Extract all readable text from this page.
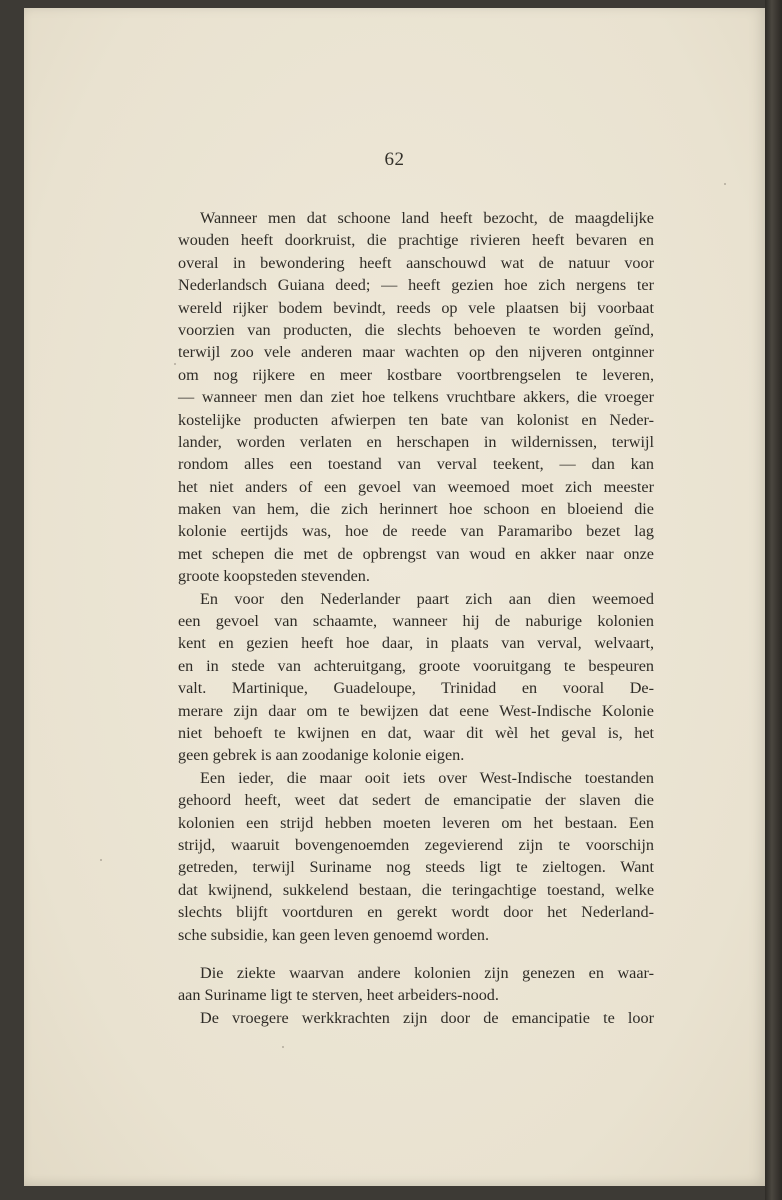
62
Wanneer men dat schoone land heeft bezocht, de maagdelijke
wouden heeft doorkruist, die prachtige rivieren heeft bevaren en
overal in bewondering heeft aanschouwd wat de natuur voor
Nederlandsch Guiana deed; — heeft gezien hoe zich nergens ter
wereld rijker bodem bevindt, reeds op vele plaatsen bij voorbaat
voorzien van producten, die slechts behoeven te worden geïnd,
terwijl zoo vele anderen maar wachten op den nijveren ontginner
om nog rijkere en meer kostbare voortbrengselen te leveren,
— wanneer men dan ziet hoe telkens vruchtbare akkers, die vroeger
kostelijke producten afwierpen ten bate van kolonist en Neder-
lander, worden verlaten en herschapen in wildernissen, terwijl
rondom alles een toestand van verval teekent, — dan kan
het niet anders of een gevoel van weemoed moet zich meester
maken van hem, die zich herinnert hoe schoon en bloeiend die
kolonie eertijds was, hoe de reede van Paramaribo bezet lag
met schepen die met de opbrengst van woud en akker naar onze
groote koopsteden stevenden.
En voor den Nederlander paart zich aan dien weemoed
een gevoel van schaamte, wanneer hij de naburige kolonien
kent en gezien heeft hoe daar, in plaats van verval, welvaart,
en in stede van achteruitgang, groote vooruitgang te bespeuren
valt. Martinique, Guadeloupe, Trinidad en vooral De-
merare zijn daar om te bewijzen dat eene West-Indische Kolonie
niet behoeft te kwijnen en dat, waar dit wèl het geval is, het
geen gebrek is aan zoodanige kolonie eigen.
Een ieder, die maar ooit iets over West-Indische toestanden
gehoord heeft, weet dat sedert de emancipatie der slaven die
kolonien een strijd hebben moeten leveren om het bestaan. Een
strijd, waaruit bovengenoemden zegevierend zijn te voorschijn
getreden, terwijl Suriname nog steeds ligt te zieltogen. Want
dat kwijnend, sukkelend bestaan, die teringachtige toestand, welke
slechts blijft voortduren en gerekt wordt door het Nederland-
sche subsidie, kan geen leven genoemd worden.
Die ziekte waarvan andere kolonien zijn genezen en waar-
aan Suriname ligt te sterven, heet arbeiders-nood.
De vroegere werkkrachten zijn door de emancipatie te loor
